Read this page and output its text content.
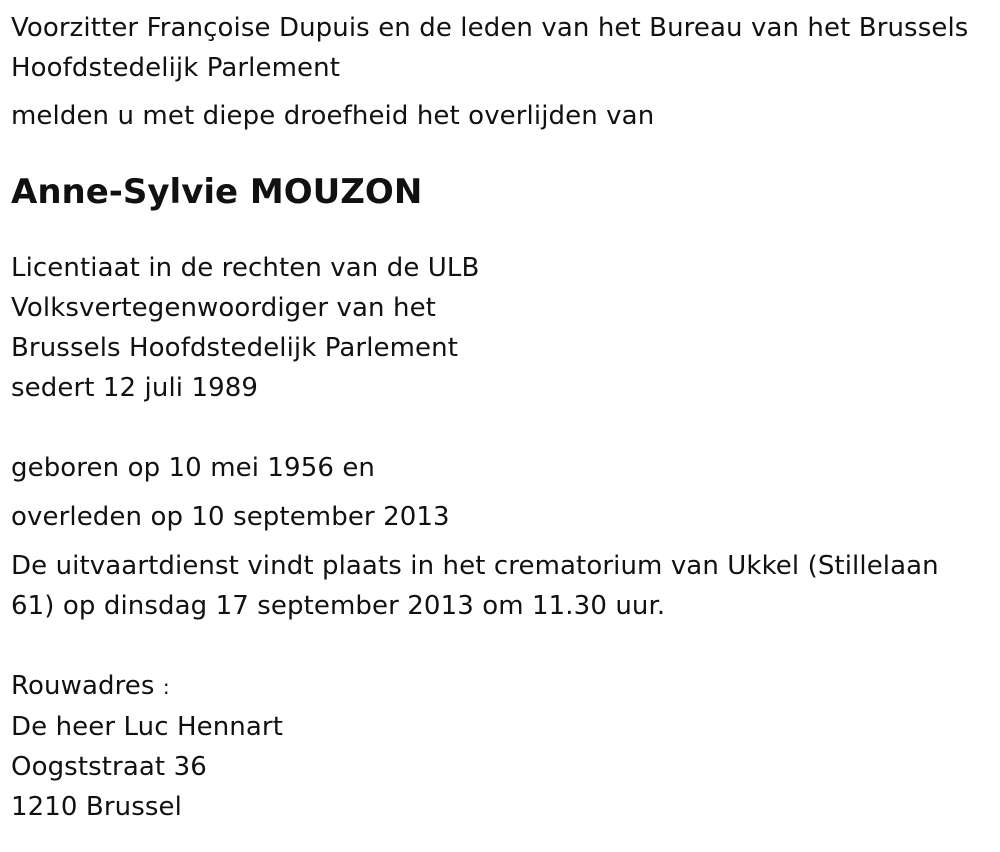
Voorzitter Françoise Dupuis en de leden van het Bureau van het Brussels
Hoofdstedelijk Parlement
melden u met diepe droefheid het overlijden van
Anne-Sylvie MOUZON
Licentiaat in de rechten van de ULB
Volksvertegenwoordiger van het
Brussels Hoofdstedelijk Parlement
sedert 12 juli 1989
geboren op 10 mei 1956 en
overleden op 10 september 2013
De uitvaartdienst vindt plaats in het crematorium van Ukkel (Stillelaan
61) op dinsdag 17 september 2013 om 11.30 uur.
Rouwadres :
De heer Luc Hennart
Oogststraat 36
1210 Brussel
